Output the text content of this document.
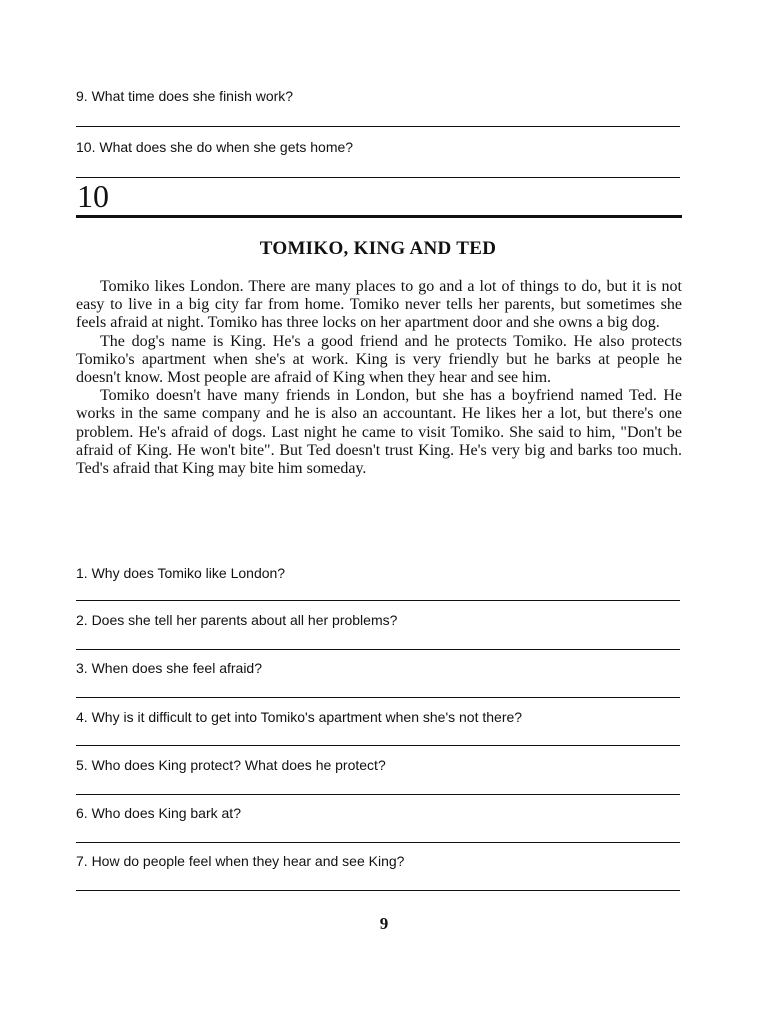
9. What time does she finish work?
10. What does she do when she gets home?
10
TOMIKO, KING AND TED

Tomiko likes London. There are many places to go and a lot of things to do, but it is not easy to live in a big city far from home. Tomiko never tells her parents, but sometimes she feels afraid at night. Tomiko has three locks on her apartment door and she owns a big dog.

The dog's name is King. He's a good friend and he protects Tomiko. He also protects Tomiko's apartment when she's at work. King is very friendly but he barks at people he doesn't know. Most people are afraid of King when they hear and see him.

Tomiko doesn't have many friends in London, but she has a boyfriend named Ted. He works in the same company and he is also an accountant. He likes her a lot, but there's one problem. He's afraid of dogs. Last night he came to visit Tomiko. She said to him, "Don't be afraid of King. He won't bite". But Ted doesn't trust King. He's very big and barks too much. Ted's afraid that King may bite him someday.

1. Why does Tomiko like London?
2. Does she tell her parents about all her problems?
3. When does she feel afraid?
4. Why is it difficult to get into Tomiko's apartment when she's not there?
5. Who does King protect? What does he protect?
6. Who does King bark at?
7. How do people feel when they hear and see King?
9
